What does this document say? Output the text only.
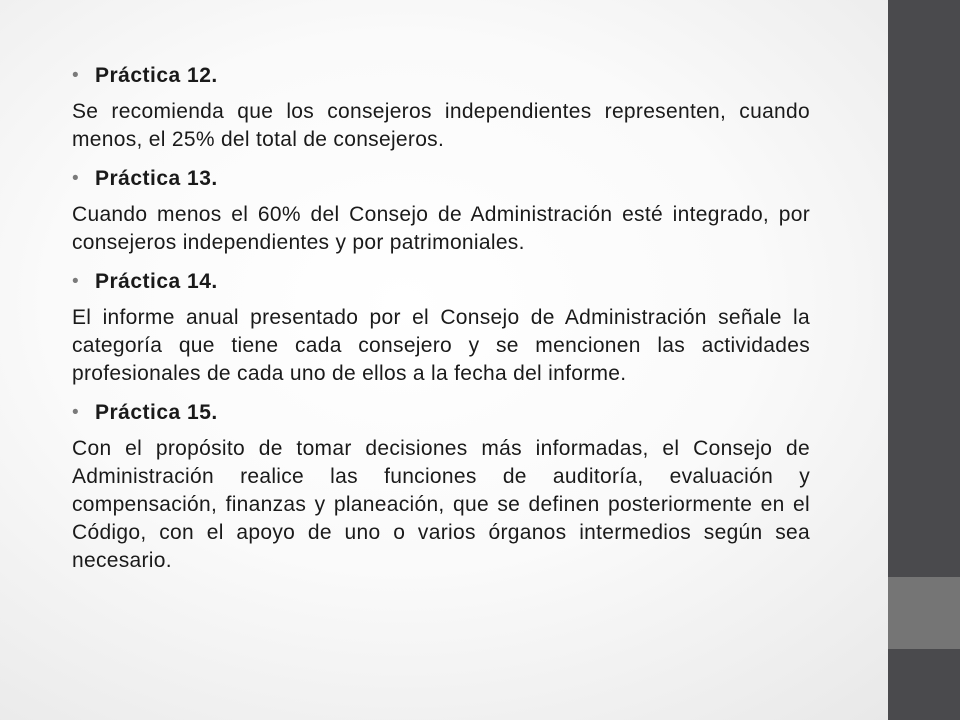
• Práctica 12.
Se recomienda que los consejeros independientes representen, cuando menos, el 25% del total de consejeros.
• Práctica 13.
Cuando menos el 60% del Consejo de Administración esté integrado, por consejeros independientes y por patrimoniales.
• Práctica 14.
El informe anual presentado por el Consejo de Administración señale la categoría que tiene cada consejero y se mencionen las actividades profesionales de cada uno de ellos a la fecha del informe.
• Práctica 15.
Con el propósito de tomar decisiones más informadas, el Consejo de Administración realice las funciones de auditoría, evaluación y compensación, finanzas y planeación, que se definen posteriormente en el Código, con el apoyo de uno o varios órganos intermedios según sea necesario.
